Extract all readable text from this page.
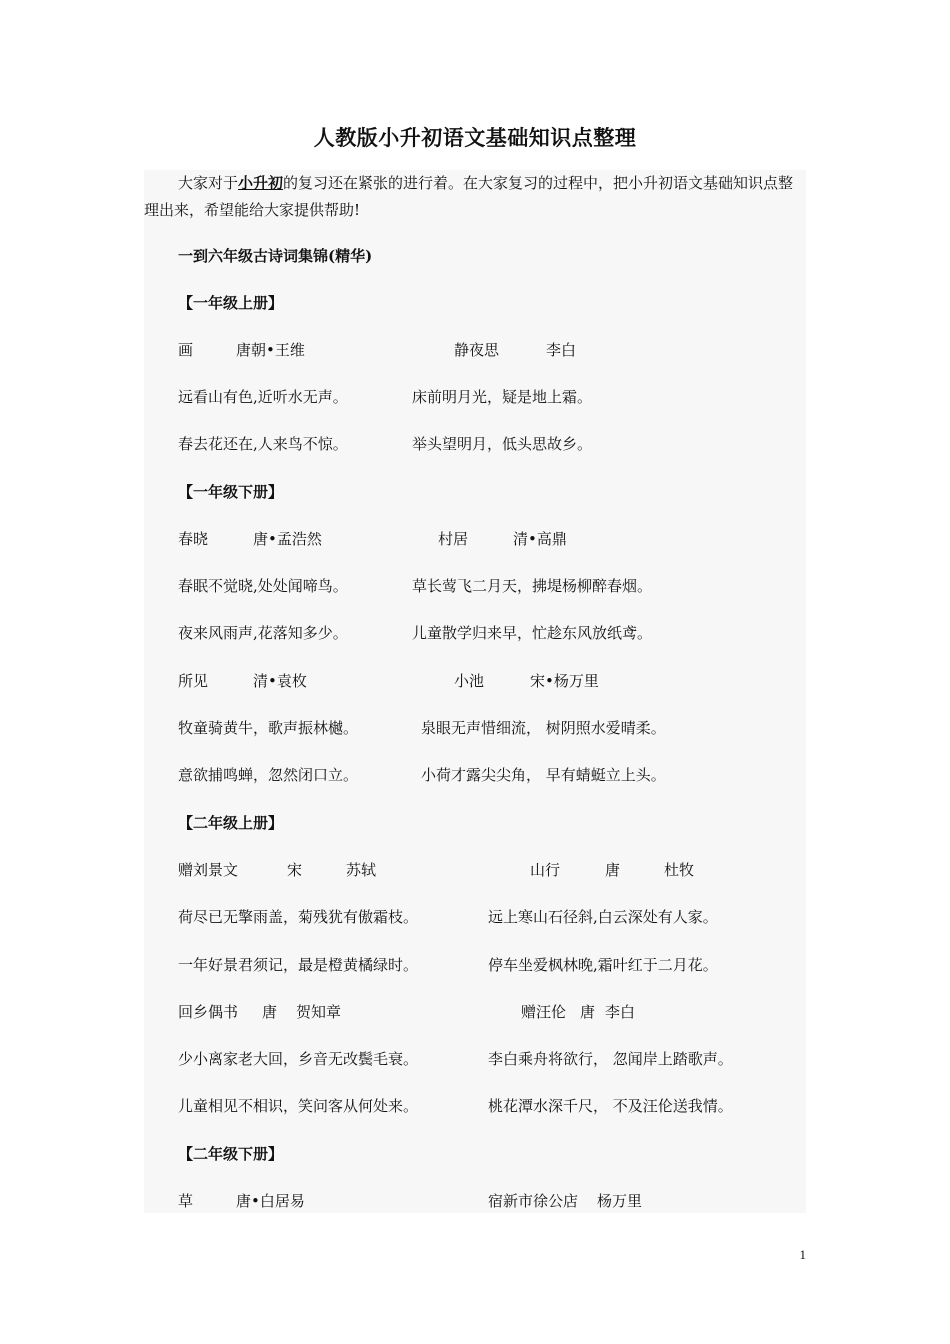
人教版小升初语文基础知识点整理
大家对于小升初的复习还在紧张的进行着。在大家复习的过程中，把小升初语文基础知识点整理出来，希望能给大家提供帮助!
一到六年级古诗词集锦(精华)
【一年级上册】
画	唐朝•王维	静夜思	李白
远看山有色,近听水无声。	床前明月光，疑是地上霜。
春去花还在,人来鸟不惊。	举头望明月，低头思故乡。
【一年级下册】
春晓	唐•孟浩然	村居	清•高鼎
春眠不觉晓,处处闻啼鸟。	草长莺飞二月天，拂堤杨柳醉春烟。
夜来风雨声,花落知多少。	儿童散学归来早，忙趁东风放纸鸢。
所见	清•袁枚	小池	宋•杨万里
牧童骑黄牛，歌声振林樾。	泉眼无声惜细流， 树阴照水爱晴柔。
意欲捕鸣蝉，忽然闭口立。	小荷才露尖尖角， 早有蜻蜓立上头。
【二年级上册】
赠刘景文	宋	苏轼	山行	唐	杜牧
荷尽已无擎雨盖，菊残犹有傲霜枝。	远上寒山石径斜,白云深处有人家。
一年好景君须记，最是橙黄橘绿时。	停车坐爱枫林晚,霜叶红于二月花。
回乡偶书 唐 贺知章	赠汪伦 唐 李白
少小离家老大回，乡音无改鬓毛衰。	李白乘舟将欲行， 忽闻岸上踏歌声。
儿童相见不相识，笑问客从何处来。	桃花潭水深千尺， 不及汪伦送我情。
【二年级下册】
草	唐•白居易	宿新市徐公店 杨万里
1
